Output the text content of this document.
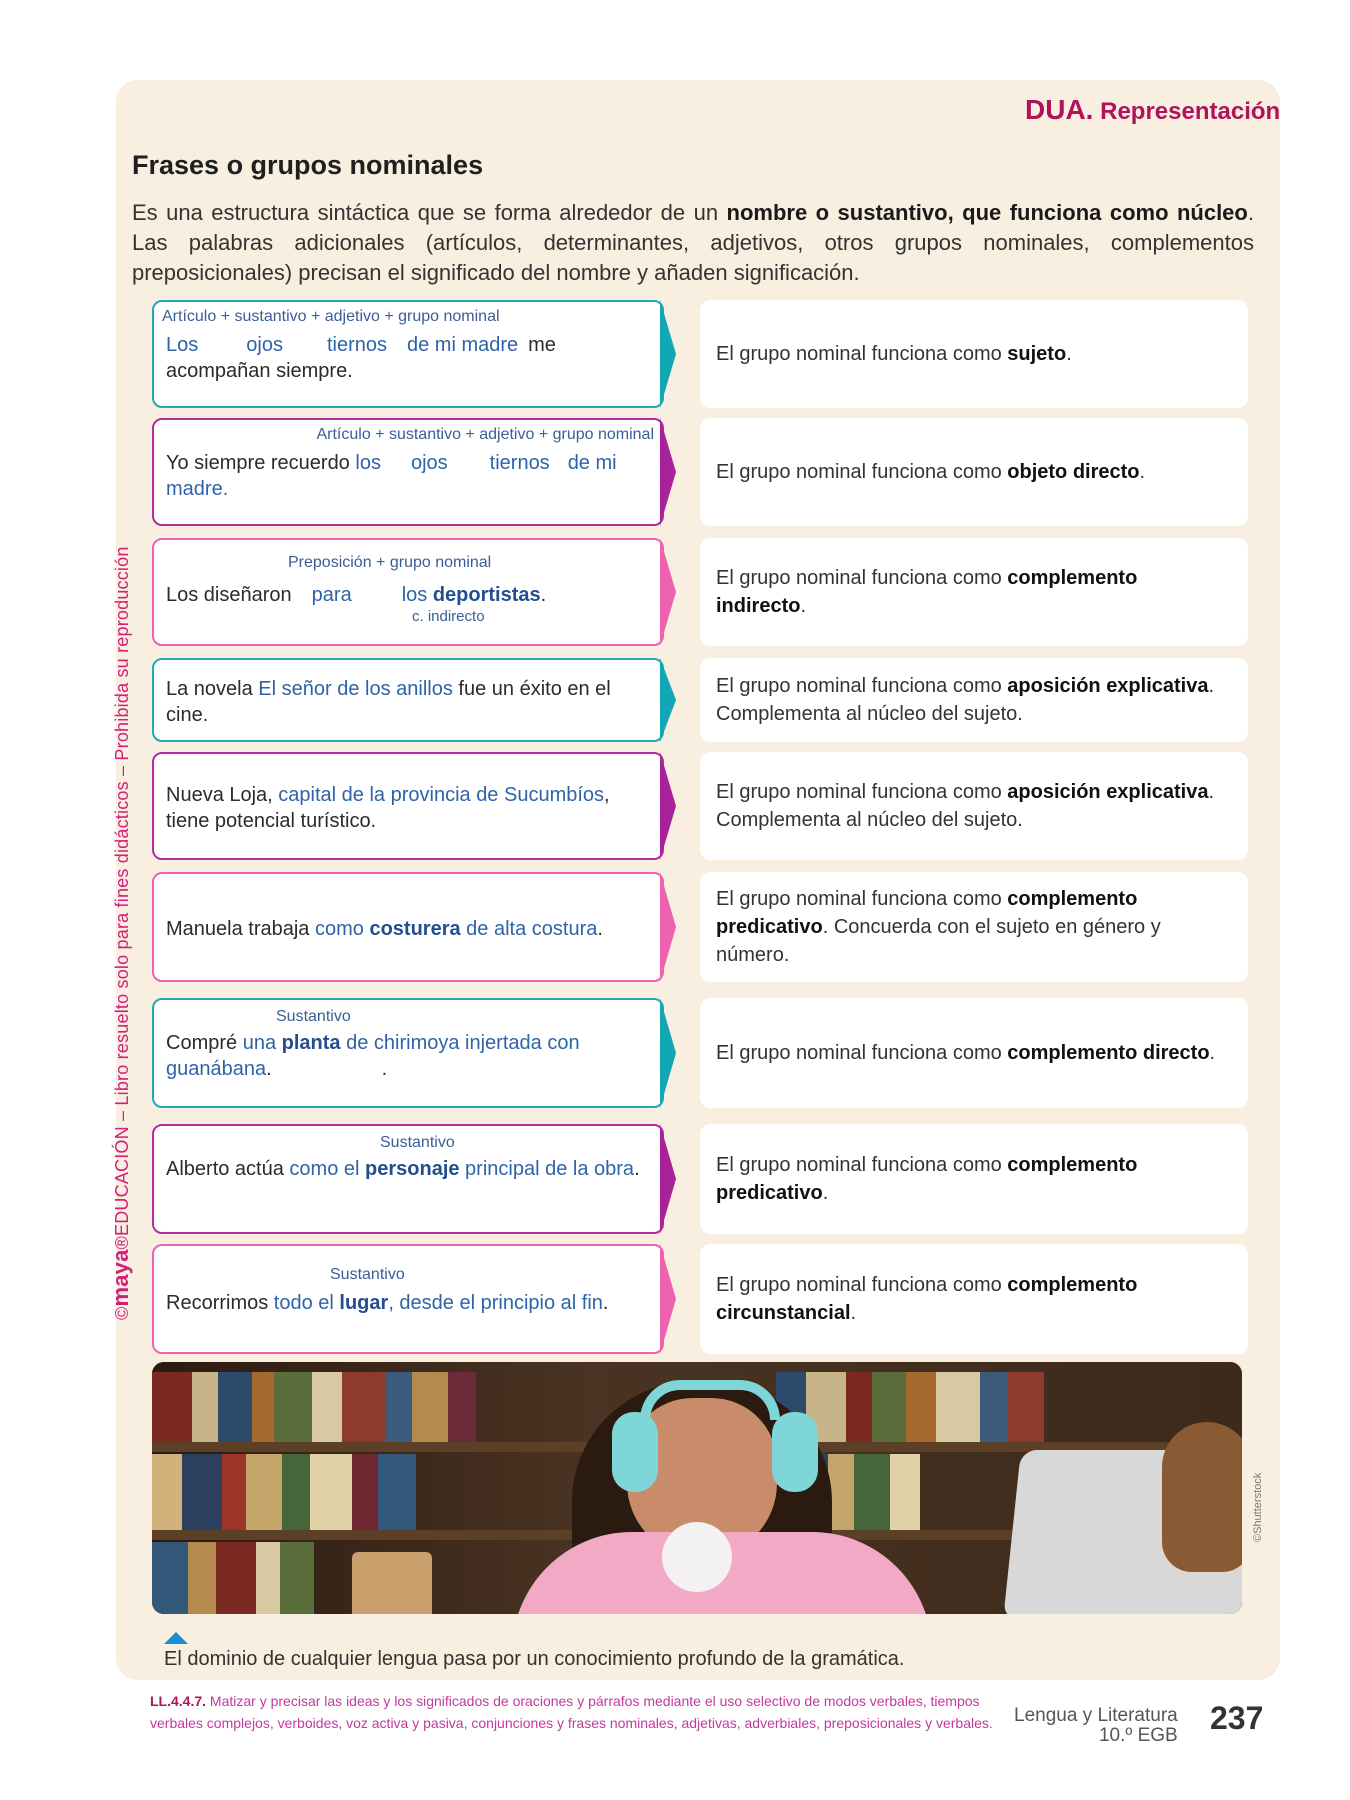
DUA. Representación
Frases o grupos nominales
Es una estructura sintáctica que se forma alrededor de un nombre o sustantivo, que funciona como núcleo. Las palabras adicionales (artículos, determinantes, adjetivos, otros grupos nominales, complementos preposicionales) precisan el significado del nombre y añaden significación.
Artículo + sustantivo + adjetivo + grupo nominal
Los ojos tiernos de mi madre me
acompañan siempre.
El grupo nominal funciona como sujeto.
Artículo + sustantivo + adjetivo + grupo nominal
Yo siempre recuerdo los ojos tiernos de mi
madre.
El grupo nominal funciona como objeto directo.
Preposición + grupo nominal
Los diseñaron para	los deportistas.
c. indirecto
El grupo nominal funciona como complemento indirecto.
La novela El señor de los anillos fue un éxito en el cine.
El grupo nominal funciona como aposición explicativa. Complementa al núcleo del sujeto.
Nueva Loja, capital de la provincia de Sucumbíos, tiene potencial turístico.
El grupo nominal funciona como aposición explicativa. Complementa al núcleo del sujeto.
Manuela trabaja como costurera de alta costura.
El grupo nominal funciona como complemento predicativo. Concuerda con el sujeto en género y número.
Sustantivo
Compré una planta de chirimoya injertada con guanábana.	.
El grupo nominal funciona como complemento directo.
Sustantivo
Alberto actúa como el personaje principal de la obra.	El grupo nominal funciona como complemento predicativo.
Sustantivo
Recorrimos todo el lugar, desde el principio al fin.
El grupo nominal funciona como complemento circunstancial.
©Shutterstock
El dominio de cualquier lengua pasa por un conocimiento profundo de la gramática.
©maya®EDUCACIÓN – Libro resuelto solo para fines didácticos – Prohibida su reproducción
LL.4.4.7. Matizar y precisar las ideas y los significados de oraciones y párrafos mediante el uso selectivo de modos verbales, tiempos verbales complejos, verboides, voz activa y pasiva, conjunciones y frases nominales, adjetivas, adverbiales, preposicionales y verbales.	Lengua y Literatura
10.º EGB 237
